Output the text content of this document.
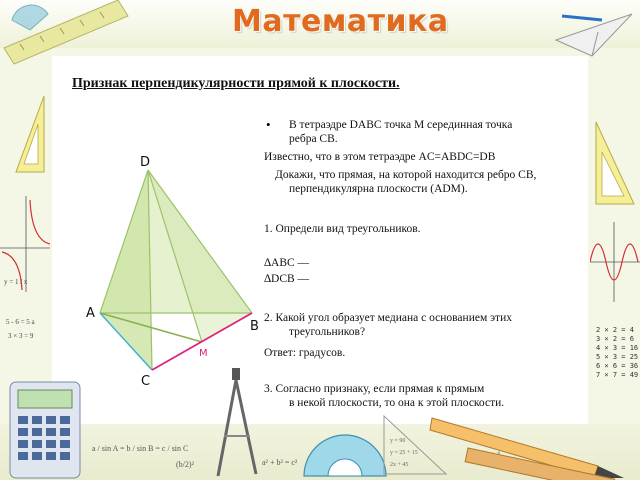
Математика
y = 1 / x
5 - 6 = 5 a
3 × 3 = 9
2 × 2 = 4
3 × 2 = 6
4 × 3 = 16
5 × 3 = 25
6 × 6 = 36
7 × 7 = 49
Признак перпендикулярности прямой к плоскости.
• В тетраэдре DABC точка M серединная точка
ребра CB.
Известно, что в этом тетраэдре AC=ABDC=DB
Докажи, что прямая, на которой находится ребро CB,
перпендикулярна плоскости (ADM).
1. Определи вид треугольников.
∆ABC —
∆DCB —
2. Какой угол образует медиана с основанием этих
треугольников?
Ответ: градусов.
3. Согласно признаку, если прямая к прямым
в некой плоскости, то она к этой плоскости.
D
A
B
C
M
a / sin A = b / sin B = c / sin C
a² + b² = c²
(b/2)²
y = 90
y = 25 + 15
2x + 45
